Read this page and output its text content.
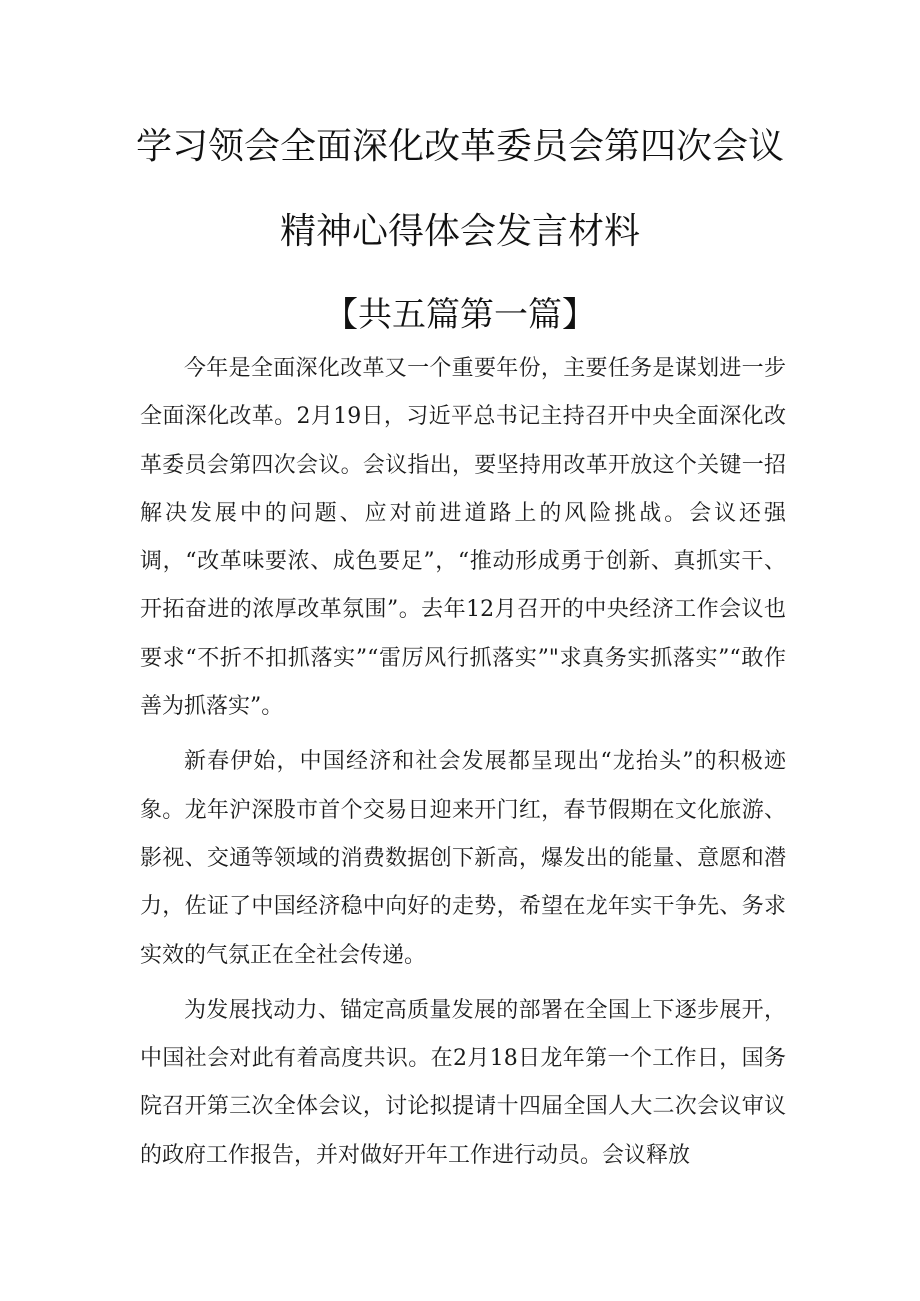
学习领会全面深化改革委员会第四次会议
精神心得体会发言材料
【共五篇第一篇】

今年是全面深化改革又一个重要年份，主要任务是谋划进一步全面深化改革。2月19日，习近平总书记主持召开中央全面深化改革委员会第四次会议。会议指出，要坚持用改革开放这个关键一招解决发展中的问题、应对前进道路上的风险挑战。会议还强调，“改革味要浓、成色要足”，“推动形成勇于创新、真抓实干、开拓奋进的浓厚改革氛围”。去年12月召开的中央经济工作会议也要求“不折不扣抓落实”“雷厉风行抓落实”"求真务实抓落实”“敢作善为抓落实”。

新春伊始，中国经济和社会发展都呈现出“龙抬头”的积极迹象。龙年沪深股市首个交易日迎来开门红，春节假期在文化旅游、影视、交通等领域的消费数据创下新高，爆发出的能量、意愿和潜力，佐证了中国经济稳中向好的走势，希望在龙年实干争先、务求实效的气氛正在全社会传递。

为发展找动力、锚定高质量发展的部署在全国上下逐步展开，中国社会对此有着高度共识。在2月18日龙年第一个工作日，国务院召开第三次全体会议，讨论拟提请十四届全国人大二次会议审议的政府工作报告，并对做好开年工作进行动员。会议释放
